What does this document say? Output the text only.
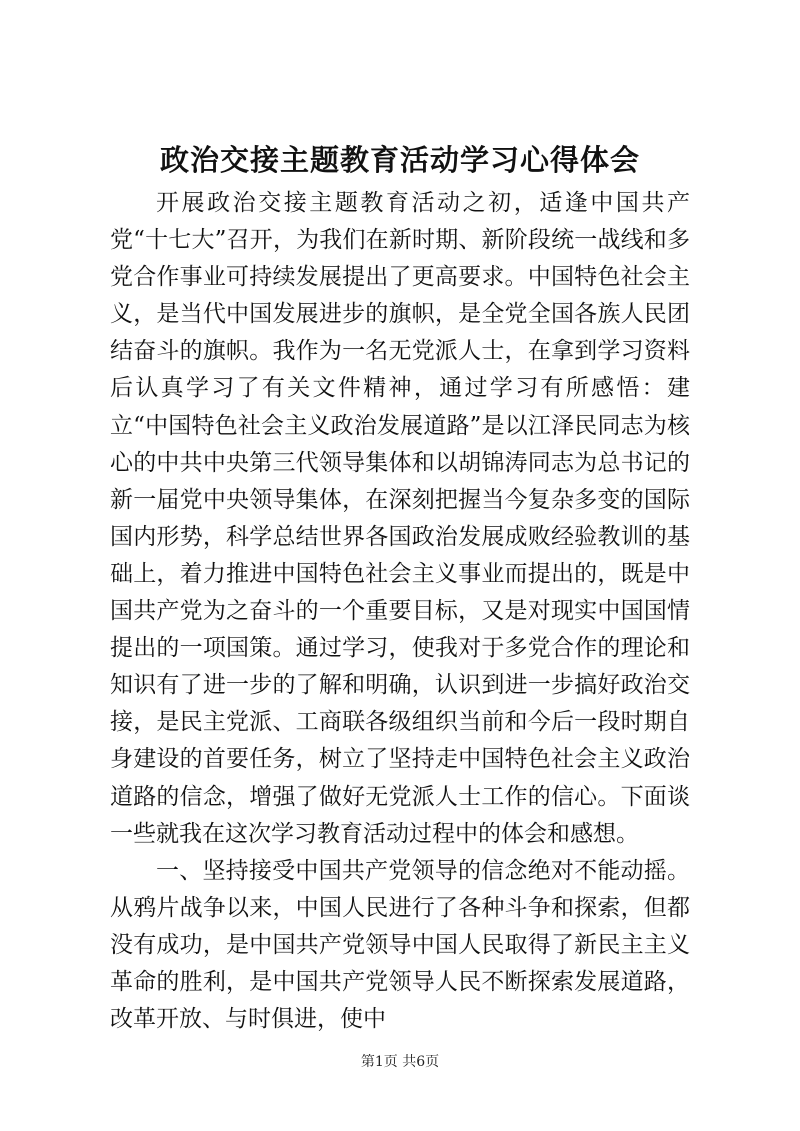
政治交接主题教育活动学习心得体会

开展政治交接主题教育活动之初，适逢中国共产党“十七大”召开，为我们在新时期、新阶段统一战线和多党合作事业可持续发展提出了更高要求。中国特色社会主义，是当代中国发展进步的旗帜，是全党全国各族人民团结奋斗的旗帜。我作为一名无党派人士，在拿到学习资料后认真学习了有关文件精神，通过学习有所感悟：建立“中国特色社会主义政治发展道路”是以江泽民同志为核心的中共中央第三代领导集体和以胡锦涛同志为总书记的新一届党中央领导集体，在深刻把握当今复杂多变的国际国内形势，科学总结世界各国政治发展成败经验教训的基础上，着力推进中国特色社会主义事业而提出的，既是中国共产党为之奋斗的一个重要目标，又是对现实中国国情提出的一项国策。通过学习，使我对于多党合作的理论和知识有了进一步的了解和明确，认识到进一步搞好政治交接，是民主党派、工商联各级组织当前和今后一段时期自身建设的首要任务，树立了坚持走中国特色社会主义政治道路的信念，增强了做好无党派人士工作的信心。下面谈一些就我在这次学习教育活动过程中的体会和感想。

一、坚持接受中国共产党领导的信念绝对不能动摇。从鸦片战争以来，中国人民进行了各种斗争和探索，但都没有成功，是中国共产党领导中国人民取得了新民主主义革命的胜利，是中国共产党领导人民不断探索发展道路，改革开放、与时俱进，使中

第1页 共6页
